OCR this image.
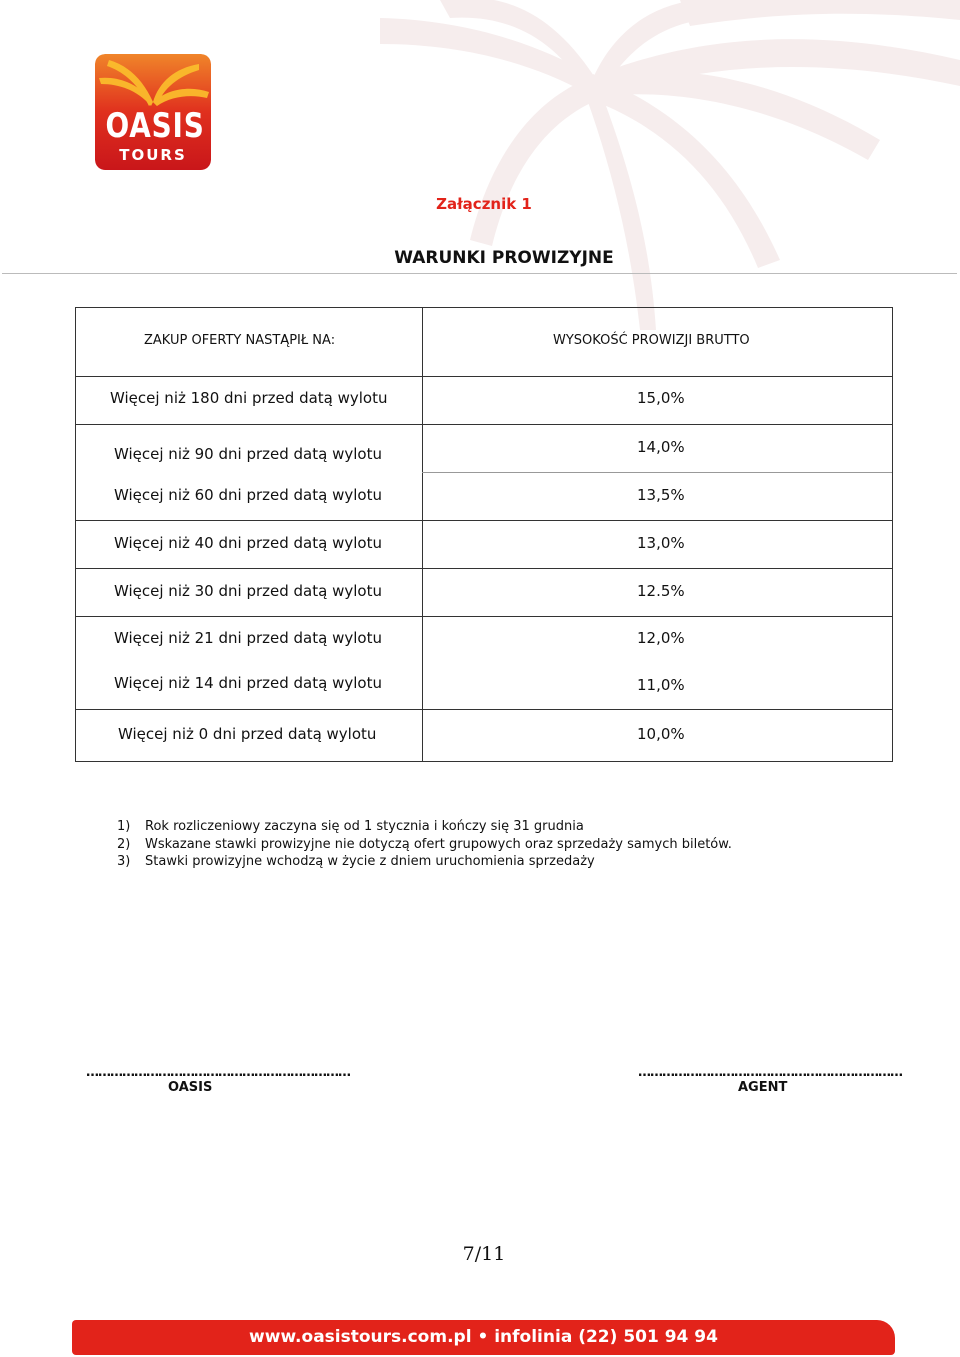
OASIS
TOURS
Załącznik 1
WARUNKI PROWIZYJNE
ZAKUP OFERTY NASTĄPIŁ NA:	WYSOKOŚĆ PROWIZJI BRUTTO
Więcej niż 180 dni przed datą wylotu	15,0%
Więcej niż 90 dni przed datą wylotu	14,0%
Więcej niż 60 dni przed datą wylotu	13,5%
Więcej niż 40 dni przed datą wylotu	13,0%
Więcej niż 30 dni przed datą wylotu	12.5%
Więcej niż 21 dni przed datą wylotu	12,0%
Więcej niż 14 dni przed datą wylotu	11,0%
Więcej niż 0 dni przed datą wylotu	10,0%
1)	Rok rozliczeniowy zaczyna się od 1 stycznia i kończy się 31 grudnia
2)	Wskazane stawki prowizyjne nie dotyczą ofert grupowych oraz sprzedaży samych biletów.
3)	Stawki prowizyjne wchodzą w życie z dniem uruchomienia sprzedaży
…………………………………………………………	…………………………………………………………
OASIS	AGENT
7/11
www.oasistours.com.pl • infolinia (22) 501 94 94
